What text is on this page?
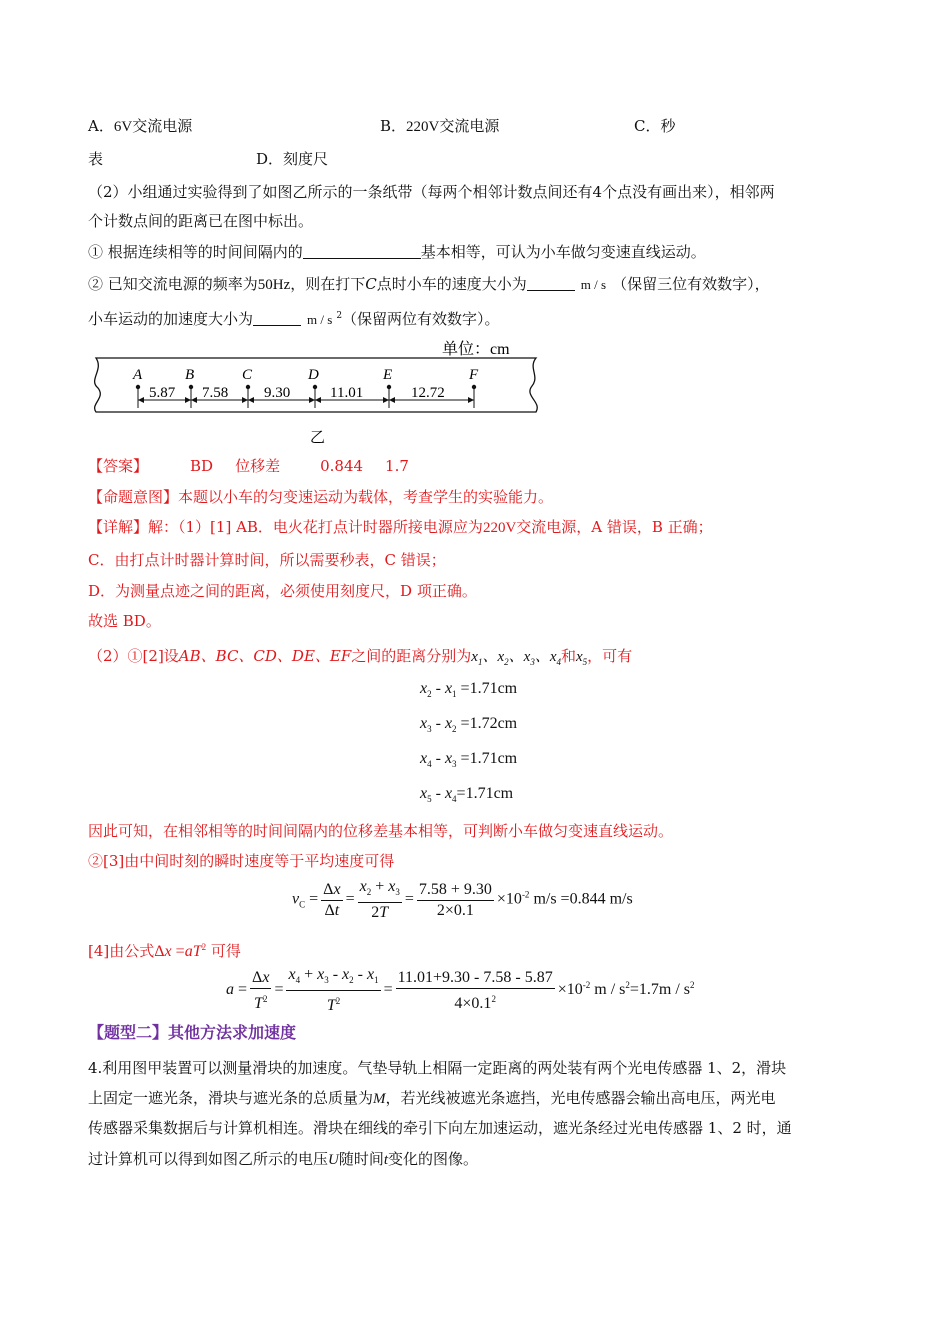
A．6V交流电源	B．220V交流电源	C．秒
表	D．刻度尺
（2）小组通过实验得到了如图乙所示的一条纸带（每两个相邻计数点间还有4个点没有画出来），相邻两
个计数点间的距离已在图中标出。
① 根据连续相等的时间间隔内的	基本相等，可认为小车做匀变速直线运动。
② 已知交流电源的频率为50Hz，则在打下C点时小车的速度大小为	m / s （保留三位有效数字），
小车运动的加速度大小为	m / s $^2$（保留两位有效数字）。
单位：cm
A	B	C	D	E	F
5.87 7.58 9.30	11.01	12.72
乙
【答案】	BD 位移差	0.844 1.7
【命题意图】本题以小车的匀变速运动为载体，考查学生的实验能力。
【详解】解：（1）[1] AB．电火花打点计时器所接电源应为220V交流电源，A 错误，B 正确；
C．由打点计时器计算时间，所以需要秒表，C 错误；
D．为测量点迹之间的距离，必须使用刻度尺，D 项正确。
故选 BD。
（2）①[2]设AB、BC、CD、DE、EF之间的距离分别为$x_1$、$x_2$、$x_3$、$x_4$和$x_5$，可有
$x_2 - x_1 =1.71cm$
$x_3 - x_2 =1.72cm$
$x_4 - x_3 =1.71cm$
$x_5 - x_4=1.71cm$
因此可知，在相邻相等的时间间隔内的位移差基本相等，可判断小车做匀变速直线运动。
②[3]由中间时刻的瞬时速度等于平均速度可得
$v_C = \frac{\Delta x}{\Delta t} = \frac{x_2 + x_3}{2T} = \frac{7.58 + 9.30}{2\times 0.1} \times 10^{-2}$ m/s =0.844 m/s
[4]由公式$\Delta x =aT^2$ 可得
$a = \frac{\Delta x}{T^2} = \frac{x_4 + x_3 - x_2 - x_1}{T^2} = \frac{11.01+9.30 - 7.58 - 5.87}{4\times 0.1^2} \times 10^{-2}$ $m / s^2=1.7m / s^2$
【题型二】其他方法求加速度
4.利用图甲装置可以测量滑块的加速度。气垫导轨上相隔一定距离的两处装有两个光电传感器 1、2，滑块
上固定一遮光条，滑块与遮光条的总质量为M，若光线被遮光条遮挡，光电传感器会输出高电压，两光电
传感器采集数据后与计算机相连。滑块在细线的牵引下向左加速运动，遮光条经过光电传感器 1、2 时，通
过计算机可以得到如图乙所示的电压U随时间t变化的图像。
